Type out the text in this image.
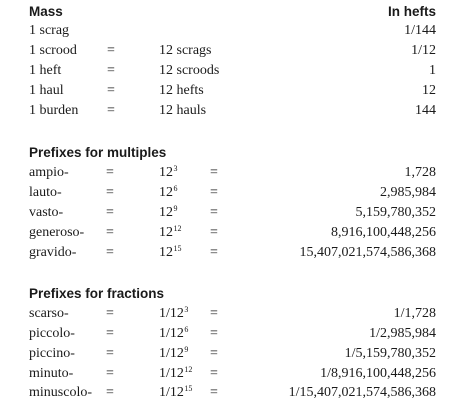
Mass	In hefts
1 scrag	1/144
1 scrood =	12 scrags	1/12
1 heft	=	12 scroods	1
1 haul	=	12 hefts	12
1 burden =	12 hauls	144
Prefixes for multiples
ampio-	=	$12^3$ =	1,728
lauto-	=	$12^6$ =	2,985,984
vasto-	=	$12^9$ =	5,159,780,352
generoso- =	$12^{12}$ =	8,916,100,448,256
gravido- =	$12^{15}$ =	15,407,021,574,586,368
Prefixes for fractions
scarso-	=	$1/12^3$ =	1/1,728
piccolo- =	$1/12^6$ =	1/2,985,984
piccino- =	$1/12^9$ =	1/5,159,780,352
minuto- =	$1/12^{12}$ =	1/8,916,100,448,256
minuscolo- =	$1/12^{15}$ =	1/15,407,021,574,586,368
